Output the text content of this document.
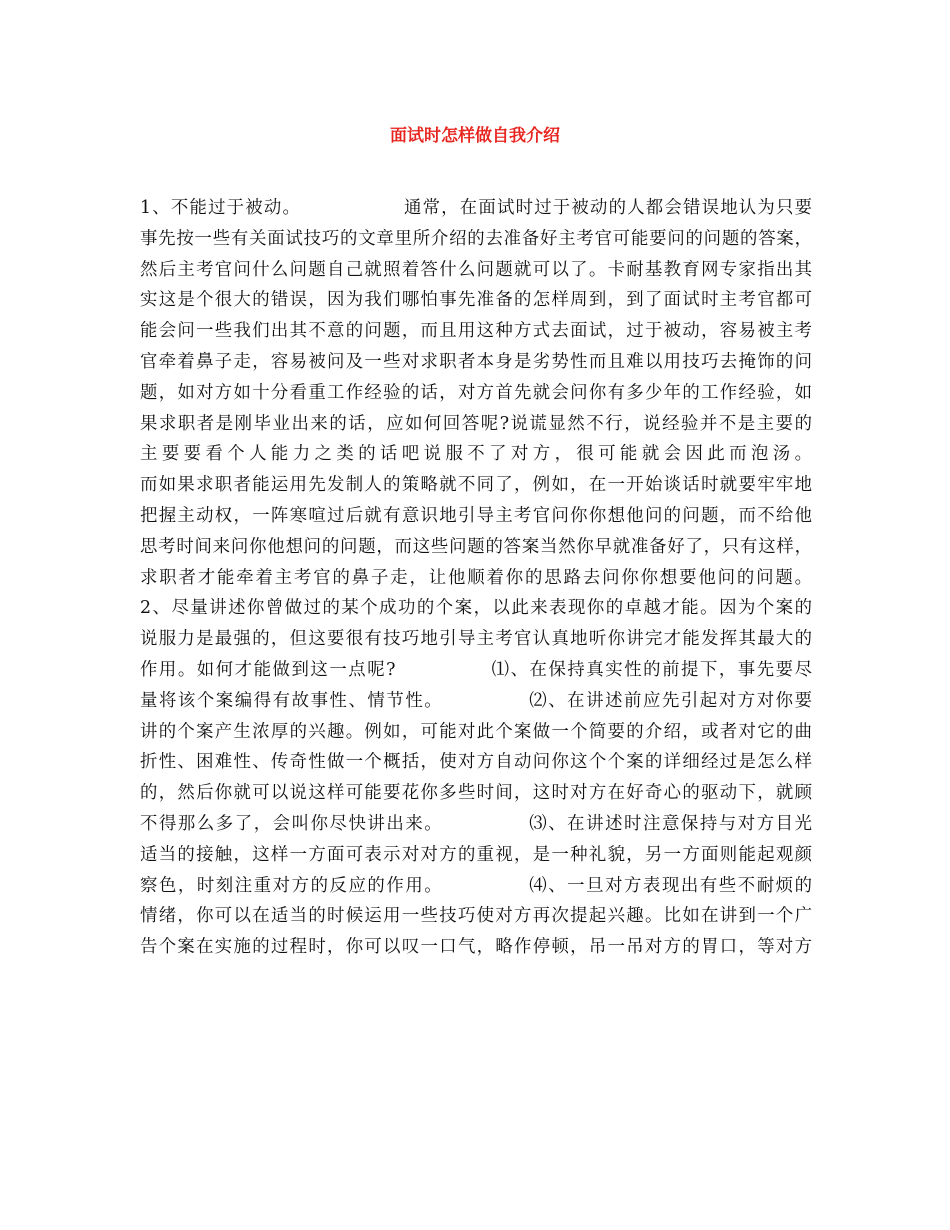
面试时怎样做自我介绍
1、不能过于被动。　　　　　　通常，在面试时过于被动的人都会错误地认为只要
事先按一些有关面试技巧的文章里所介绍的去准备好主考官可能要问的问题的答案，
然后主考官问什么问题自己就照着答什么问题就可以了。卡耐基教育网专家指出其
实这是个很大的错误，因为我们哪怕事先准备的怎样周到，到了面试时主考官都可
能会问一些我们出其不意的问题，而且用这种方式去面试，过于被动，容易被主考
官牵着鼻子走，容易被问及一些对求职者本身是劣势性而且难以用技巧去掩饰的问
题，如对方如十分看重工作经验的话，对方首先就会问你有多少年的工作经验，如
果求职者是刚毕业出来的话，应如何回答呢?说谎显然不行，说经验并不是主要的
主要要看个人能力之类的话吧说服不了对方，很可能就会因此而泡汤。
而如果求职者能运用先发制人的策略就不同了，例如，在一开始谈话时就要牢牢地
把握主动权，一阵寒喧过后就有意识地引导主考官问你你想他问的问题，而不给他
思考时间来问你他想问的问题，而这些问题的答案当然你早就准备好了，只有这样，
求职者才能牵着主考官的鼻子走，让他顺着你的思路去问你你想要他问的问题。
2、尽量讲述你曾做过的某个成功的个案，以此来表现你的卓越才能。因为个案的
说服力是最强的，但这要很有技巧地引导主考官认真地听你讲完才能发挥其最大的
作用。如何才能做到这一点呢?　　　　　⑴、在保持真实性的前提下，事先要尽
量将该个案编得有故事性、情节性。　　　　　⑵、在讲述前应先引起对方对你要
讲的个案产生浓厚的兴趣。例如，可能对此个案做一个简要的介绍，或者对它的曲
折性、困难性、传奇性做一个概括，使对方自动问你这个个案的详细经过是怎么样
的，然后你就可以说这样可能要花你多些时间，这时对方在好奇心的驱动下，就顾
不得那么多了，会叫你尽快讲出来。　　　　　⑶、在讲述时注意保持与对方目光
适当的接触，这样一方面可表示对对方的重视，是一种礼貌，另一方面则能起观颜
察色，时刻注重对方的反应的作用。　　　　　⑷、一旦对方表现出有些不耐烦的
情绪，你可以在适当的时候运用一些技巧使对方再次提起兴趣。比如在讲到一个广
告个案在实施的过程时，你可以叹一口气，略作停顿，吊一吊对方的胃口，等对方
